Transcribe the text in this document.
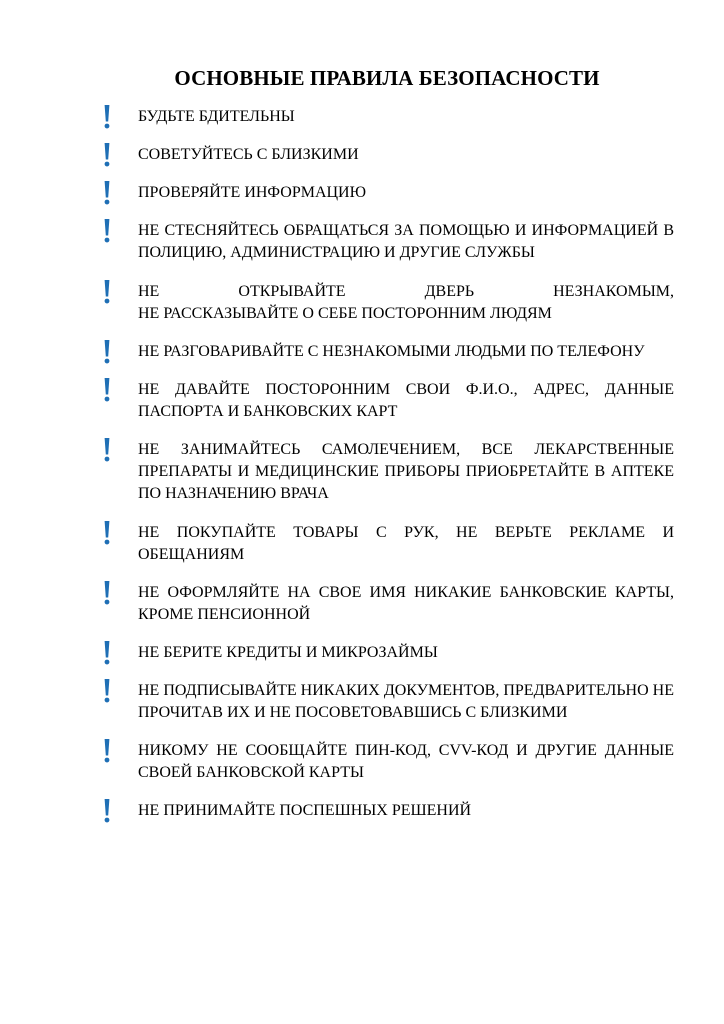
ОСНОВНЫЕ ПРАВИЛА БЕЗОПАСНОСТИ
БУДЬТЕ БДИТЕЛЬНЫ
СОВЕТУЙТЕСЬ С БЛИЗКИМИ
ПРОВЕРЯЙТЕ ИНФОРМАЦИЮ
НЕ СТЕСНЯЙТЕСЬ ОБРАЩАТЬСЯ ЗА ПОМОЩЬЮ И ИНФОРМАЦИЕЙ В ПОЛИЦИЮ, АДМИНИСТРАЦИЮ И ДРУГИЕ СЛУЖБЫ
НЕ ОТКРЫВАЙТЕ ДВЕРЬ НЕЗНАКОМЫМ,
НЕ РАССКАЗЫВАЙТЕ О СЕБЕ ПОСТОРОННИМ ЛЮДЯМ
НЕ РАЗГОВАРИВАЙТЕ С НЕЗНАКОМЫМИ ЛЮДЬМИ ПО ТЕЛЕФОНУ
НЕ ДАВАЙТЕ ПОСТОРОННИМ СВОИ Ф.И.О., АДРЕС, ДАННЫЕ ПАСПОРТА И БАНКОВСКИХ КАРТ
НЕ ЗАНИМАЙТЕСЬ САМОЛЕЧЕНИЕМ, ВСЕ ЛЕКАРСТВЕННЫЕ ПРЕПАРАТЫ И МЕДИЦИНСКИЕ ПРИБОРЫ ПРИОБРЕТАЙТЕ В АПТЕКЕ ПО НАЗНАЧЕНИЮ ВРАЧА
НЕ ПОКУПАЙТЕ ТОВАРЫ С РУК, НЕ ВЕРЬТЕ РЕКЛАМЕ И ОБЕЩАНИЯМ
НЕ ОФОРМЛЯЙТЕ НА СВОЕ ИМЯ НИКАКИЕ БАНКОВСКИЕ КАРТЫ, КРОМЕ ПЕНСИОННОЙ
НЕ БЕРИТЕ КРЕДИТЫ И МИКРОЗАЙМЫ
НЕ ПОДПИСЫВАЙТЕ НИКАКИХ ДОКУМЕНТОВ, ПРЕДВАРИТЕЛЬНО НЕ ПРОЧИТАВ ИХ И НЕ ПОСОВЕТОВАВШИСЬ С БЛИЗКИМИ
НИКОМУ НЕ СООБЩАЙТЕ ПИН-КОД, CVV-КОД И ДРУГИЕ ДАННЫЕ СВОЕЙ БАНКОВСКОЙ КАРТЫ
НЕ ПРИНИМАЙТЕ ПОСПЕШНЫХ РЕШЕНИЙ
